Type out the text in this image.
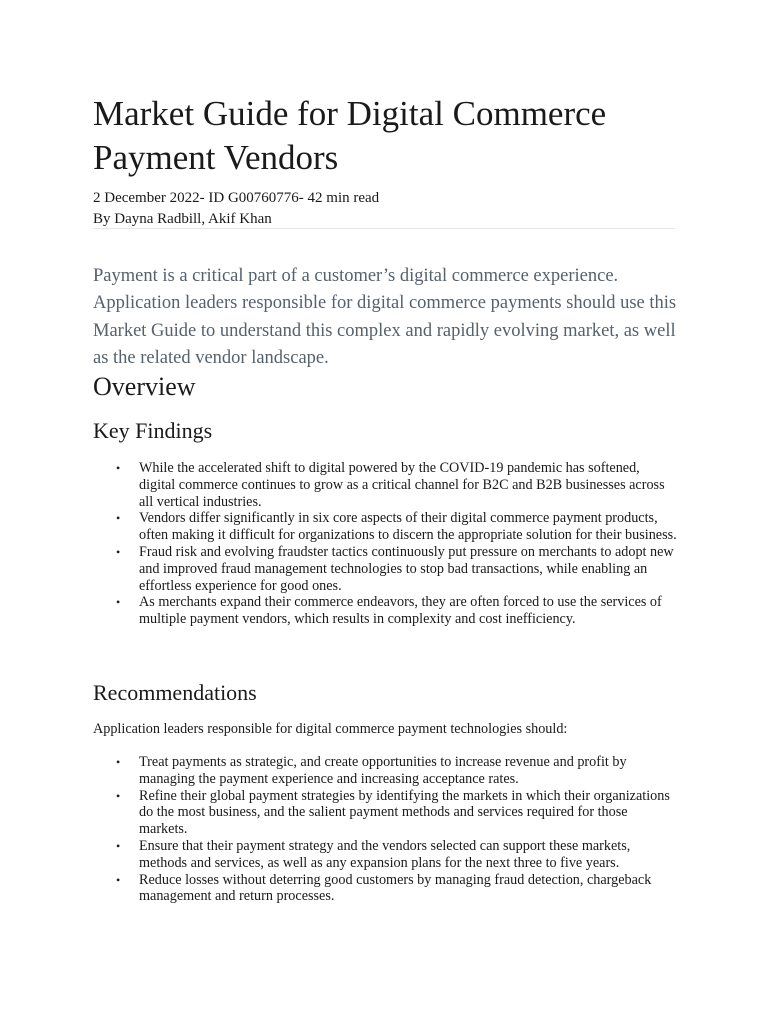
Market Guide for Digital Commerce Payment Vendors
2 December 2022- ID G00760776- 42 min read
By Dayna Radbill, Akif Khan

Payment is a critical part of a customer’s digital commerce experience. Application leaders responsible for digital commerce payments should use this Market Guide to understand this complex and rapidly evolving market, as well as the related vendor landscape.

Overview
Key Findings
• While the accelerated shift to digital powered by the COVID-19 pandemic has softened, digital commerce continues to grow as a critical channel for B2C and B2B businesses across all vertical industries.
• Vendors differ significantly in six core aspects of their digital commerce payment products, often making it difficult for organizations to discern the appropriate solution for their business.
• Fraud risk and evolving fraudster tactics continuously put pressure on merchants to adopt new and improved fraud management technologies to stop bad transactions, while enabling an effortless experience for good ones.
• As merchants expand their commerce endeavors, they are often forced to use the services of multiple payment vendors, which results in complexity and cost inefficiency.
Recommendations

Application leaders responsible for digital commerce payment technologies should:

• Treat payments as strategic, and create opportunities to increase revenue and profit by managing the payment experience and increasing acceptance rates.
• Refine their global payment strategies by identifying the markets in which their organizations do the most business, and the salient payment methods and services required for those markets.
• Ensure that their payment strategy and the vendors selected can support these markets, methods and services, as well as any expansion plans for the next three to five years.
• Reduce losses without deterring good customers by managing fraud detection, chargeback management and return processes.
